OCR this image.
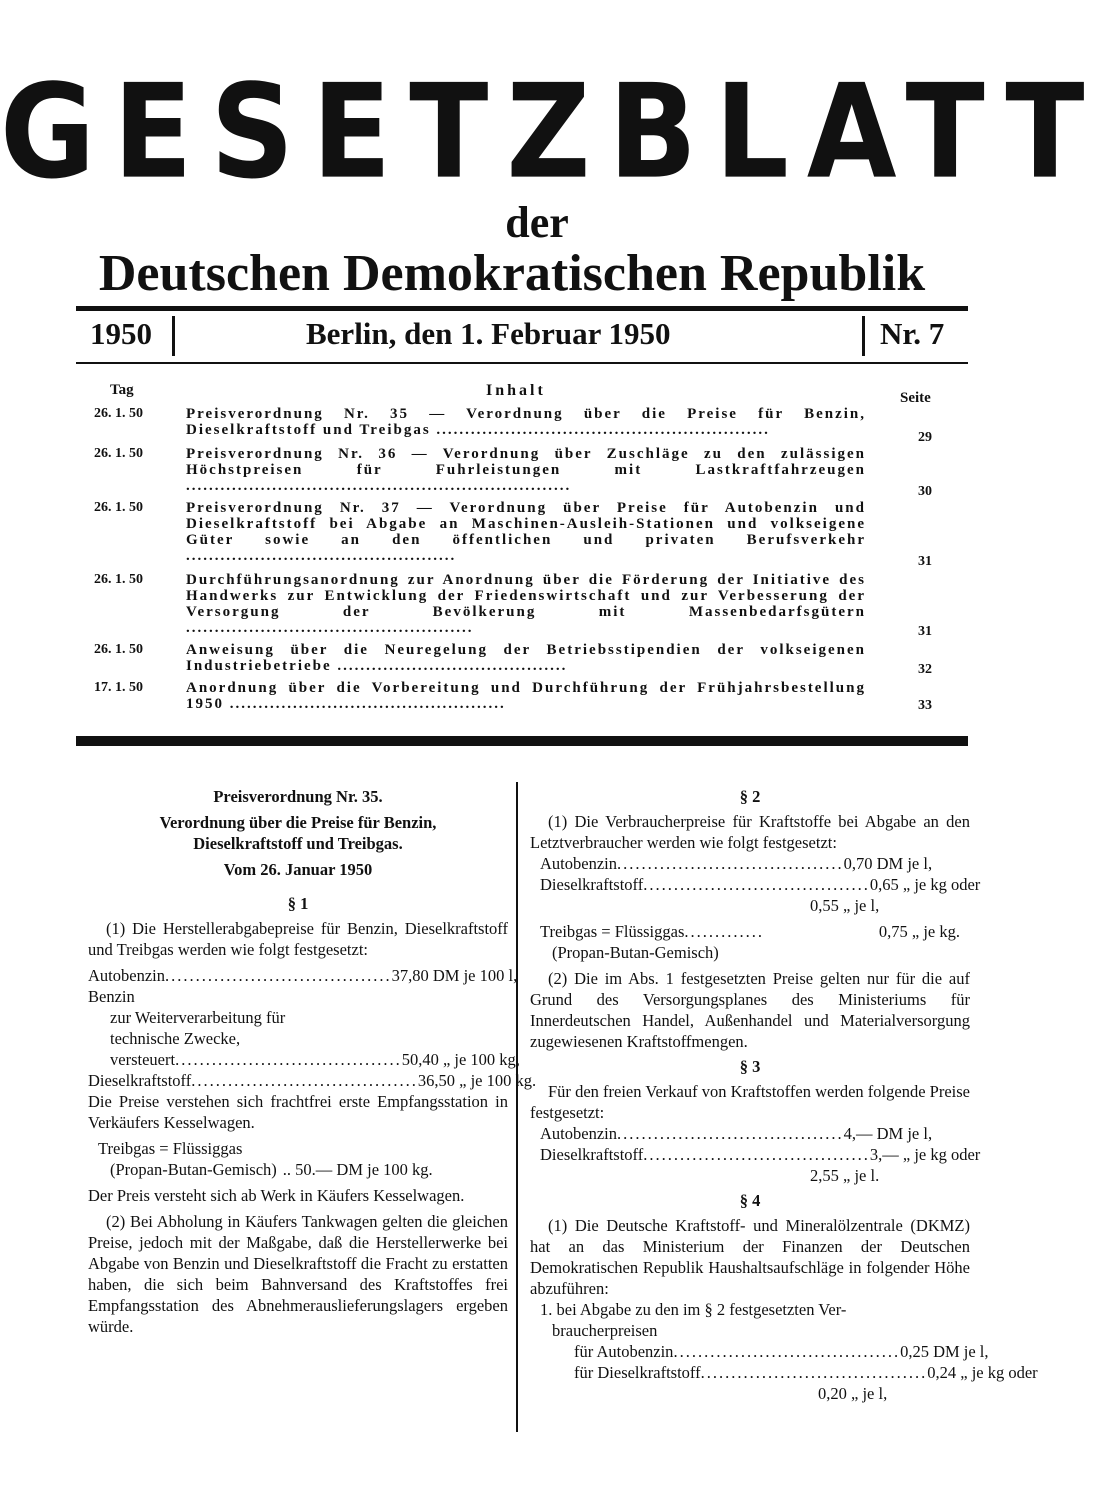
GESETZBLATT
der
Deutschen Demokratischen Republik
1950	Berlin, den 1. Februar 1950	Nr. 7
Tag	Inhalt	Seite
26. 1. 50	Preisverordnung Nr. 35 — Verordnung über die Preise für Benzin, Dieselkraftstoff und Treibgas ..........................................................	29
26. 1. 50	Preisverordnung Nr. 36 — Verordnung über Zuschläge zu den zulässigen Höchstpreisen für Fuhrleistungen mit Lastkraftfahrzeugen ...................................................................	30
26. 1. 50	Preisverordnung Nr. 37 — Verordnung über Preise für Autobenzin und Dieselkraftstoff bei Abgabe an Maschinen-Ausleih-Stationen und volkseigene Güter sowie an den öffentlichen und privaten Berufsverkehr ...............................................	31
26. 1. 50	Durchführungsanordnung zur Anordnung über die Förderung der Initiative des Handwerks zur Entwicklung der Friedenswirtschaft und zur Verbesserung der Versorgung der Bevölkerung mit Massenbedarfsgütern ..................................................	31
26. 1. 50	Anweisung über die Neuregelung der Betriebsstipendien der volkseigenen Industriebetriebe ........................................	32
17. 1. 50	Anordnung über die Vorbereitung und Durchführung der Frühjahrsbestellung 1950 ................................................	33
Preisverordnung Nr. 35.
Verordnung über die Preise für Benzin,
Dieselkraftstoff und Treibgas.
Vom 26. Januar 1950
§ 1

(1) Die Herstellerabgabepreise für Benzin, Dieselkraftstoff und Treibgas werden wie folgt festgesetzt:

Autobenzin ..................................... 37,80 DM je 100 l,
Benzin
zur Weiterverarbeitung für
technische Zwecke,
versteuert ..................................... 50,40 „ je 100 kg,
Dieselkraftstoff ..................................... 36,50 „ je 100 kg.

Die Preise verstehen sich frachtfrei erste Empfangsstation in Verkäufers Kesselwagen.

Treibgas = Flüssiggas
(Propan-Butan-Gemisch) .. 50.— DM je 100 kg.

Der Preis versteht sich ab Werk in Käufers Kesselwagen.

(2) Bei Abholung in Käufers Tankwagen gelten die gleichen Preise, jedoch mit der Maßgabe, daß die Herstellerwerke bei Abgabe von Benzin und Dieselkraftstoff die Fracht zu erstatten haben, die sich beim Bahnversand des Kraftstoffes frei Empfangsstation des Abnehmerauslieferungslagers ergeben würde.

§ 2

(1) Die Verbraucherpreise für Kraftstoffe bei Abgabe an den Letztverbraucher werden wie folgt festgesetzt:

Autobenzin ..................................... 0,70 DM je l,
Dieselkraftstoff ..................................... 0,65 „ je kg oder
0,55 „ je l,
Treibgas = Flüssiggas .............	0,75 „ je kg.
(Propan-Butan-Gemisch)

(2) Die im Abs. 1 festgesetzten Preise gelten nur für die auf Grund des Versorgungsplanes des Ministeriums für Innerdeutschen Handel, Außenhandel und Materialversorgung zugewiesenen Kraftstoffmengen.

§ 3

Für den freien Verkauf von Kraftstoffen werden folgende Preise festgesetzt:

Autobenzin ..................................... 4,— DM je l,
Dieselkraftstoff ..................................... 3,— „ je kg oder
2,55 „ je l.
§ 4

(1) Die Deutsche Kraftstoff- und Mineralölzentrale (DKMZ) hat an das Ministerium der Finanzen der Deutschen Demokratischen Republik Haushaltsaufschläge in folgender Höhe abzuführen:

1. bei Abgabe zu den im § 2 festgesetzten Ver-
braucherpreisen
für Autobenzin ..................................... 0,25 DM je l,
für Dieselkraftstoff ..................................... 0,24 „ je kg oder
0,20 „ je l,
